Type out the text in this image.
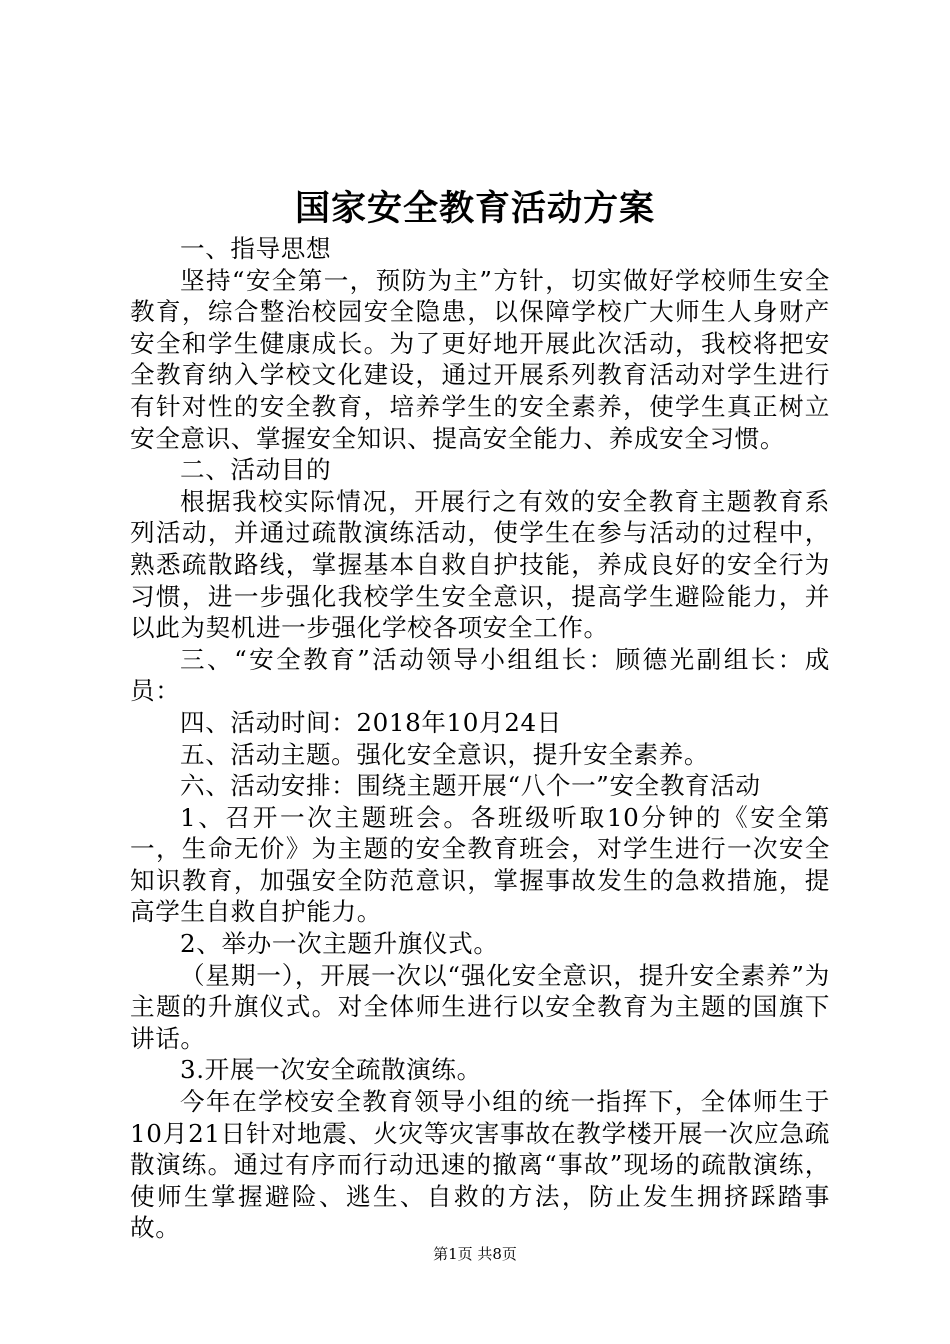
国家安全教育活动方案

一、指导思想

坚持“安全第一，预防为主”方针，切实做好学校师生安全教育，综合整治校园安全隐患，以保障学校广大师生人身财产安全和学生健康成长。为了更好地开展此次活动，我校将把安全教育纳入学校文化建设，通过开展系列教育活动对学生进行有针对性的安全教育，培养学生的安全素养，使学生真正树立安全意识、掌握安全知识、提高安全能力、养成安全习惯。

二、活动目的

根据我校实际情况，开展行之有效的安全教育主题教育系列活动，并通过疏散演练活动，使学生在参与活动的过程中，熟悉疏散路线，掌握基本自救自护技能，养成良好的安全行为习惯，进一步强化我校学生安全意识，提高学生避险能力，并以此为契机进一步强化学校各项安全工作。

三、“安全教育”活动领导小组组长：顾德光副组长：成员：

四、活动时间：2018年10月24日

五、活动主题。强化安全意识，提升安全素养。

六、活动安排：围绕主题开展“八个一”安全教育活动

1、召开一次主题班会。各班级听取10分钟的《安全第一，生命无价》为主题的安全教育班会，对学生进行一次安全知识教育，加强安全防范意识，掌握事故发生的急救措施，提高学生自救自护能力。

2、举办一次主题升旗仪式。

（星期一），开展一次以“强化安全意识，提升安全素养”为主题的升旗仪式。对全体师生进行以安全教育为主题的国旗下讲话。

3.开展一次安全疏散演练。

今年在学校安全教育领导小组的统一指挥下，全体师生于10月21日针对地震、火灾等灾害事故在教学楼开展一次应急疏散演练。通过有序而行动迅速的撤离“事故”现场的疏散演练，使师生掌握避险、逃生、自救的方法，防止发生拥挤踩踏事故。

第1页 共8页
